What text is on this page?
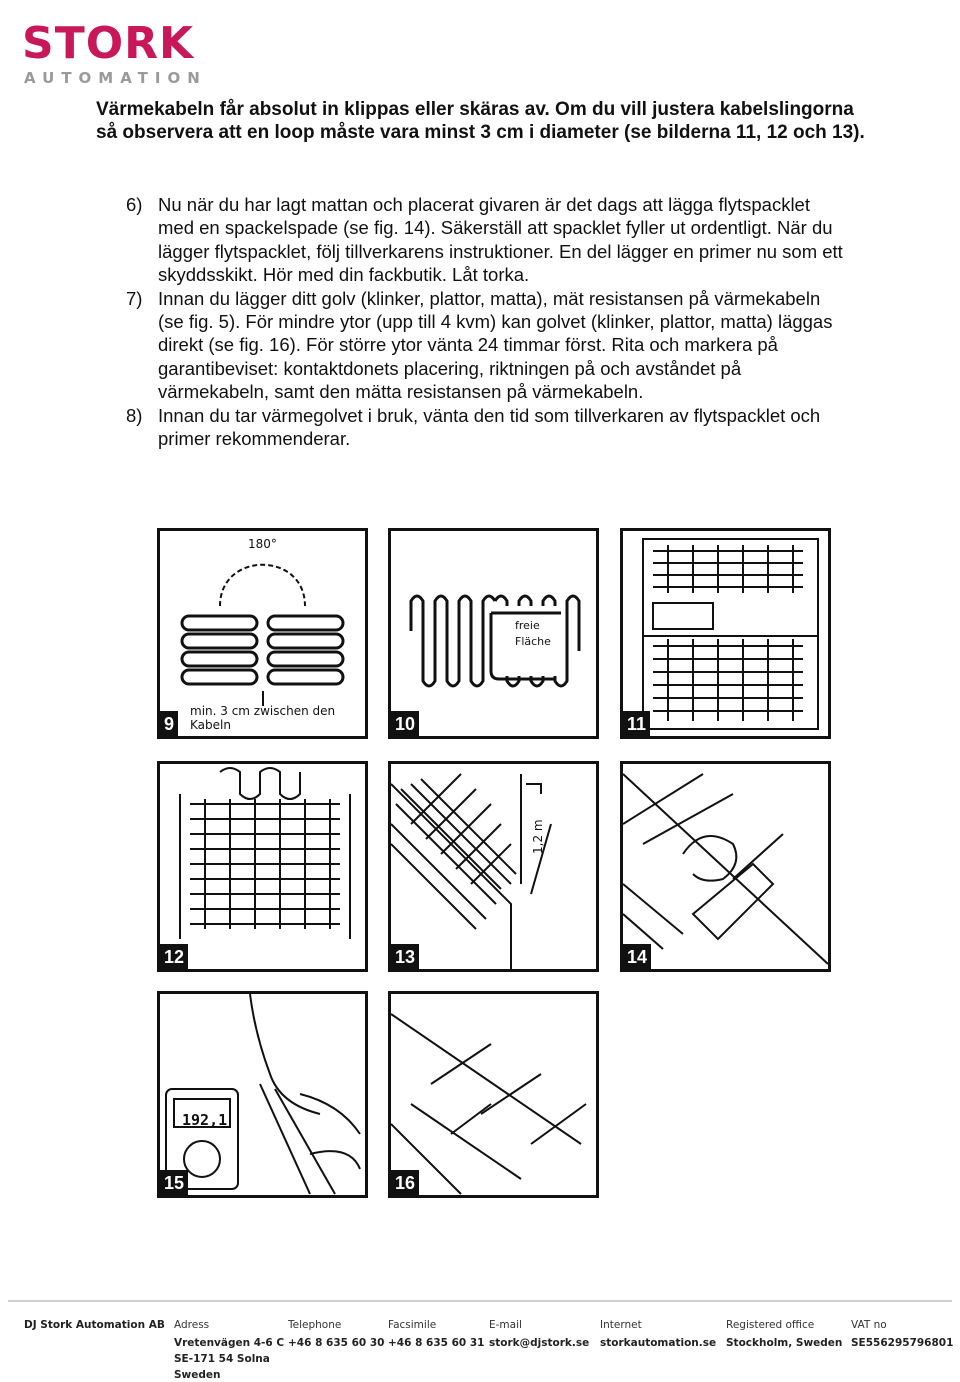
STORK
AUTOMATION

Värmekabeln får absolut in klippas eller skäras av. Om du vill justera kabelslingorna så observera att en loop måste vara minst 3 cm i diameter (se bilderna 11, 12 och 13).

6) Nu när du har lagt mattan och placerat givaren är det dags att lägga flytspacklet med en spackelspade (se fig. 14). Säkerställ att spacklet fyller ut ordentligt. När du lägger flytspacklet, följ tillverkarens instruktioner. En del lägger en primer nu som ett skyddsskikt. Hör med din fackbutik. Låt torka.
7) Innan du lägger ditt golv (klinker, plattor, matta), mät resistansen på värmekabeln (se fig. 5). För mindre ytor (upp till 4 kvm) kan golvet (klinker, plattor, matta) läggas direkt (se fig. 16). För större ytor vänta 24 timmar först. Rita och markera på garantibeviset: kontaktdonets placering, riktningen på och avståndet på värmekabeln, samt den mätta resistansen på värmekabeln.
8) Innan du tar värmegolvet i bruk, vänta den tid som tillverkaren av flytspacklet och primer rekommenderar.
180°
9
min. 3 cm zwischen den Kabeln
freie
Fläche
10	11
12
1,2 m
13	14
192,1
15	16
DJ Stork Automation AB Adress
Vretenvägen 4-6 C
SE-171 54 Solna
Sweden
Telephone
+46 8 635 60 30
Facsimile
+46 8 635 60 31
E-mail
stork@djstork.se
Internet
storkautomation.se
Registered office
Stockholm, Sweden
VAT no
SE556295796801
